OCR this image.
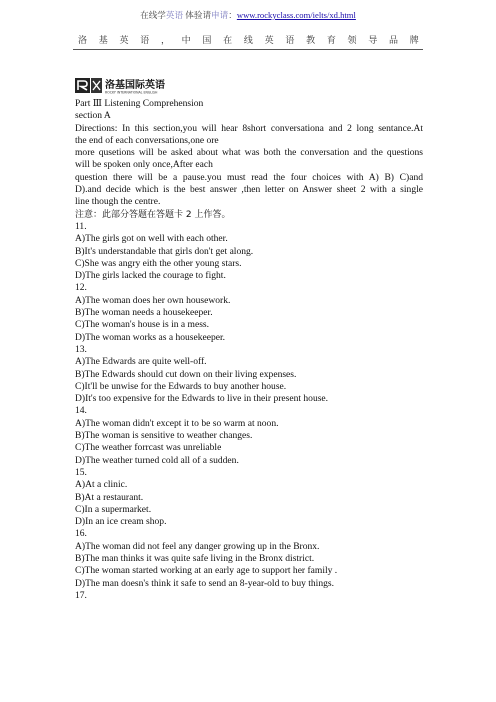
在线学英语 体验请申请：www.rockyclass.com/ielts/xd.html
洛 基 英 语 ， 中 国 在 线 英 语 教 育 领 导 品 牌
洛基国际英语
ROCKY INTERNATIONAL ENGLISH

Part Ⅲ Listening Comprehension

section A

Directions: In this section,you will hear 8short conversationa and 2 long sentance.At

the end of each conversations,one ore

more qusetions will be asked about what was both the conversation and the questions

will be spoken only once,After each

question there will be a pause.you must read the four choices with A) B) C)and

D).and decide which is the best answer ,then letter on Answer sheet 2 with a single

line though the centre.

注意：此部分答题在答题卡 2 上作答。

11.

A)The girls got on well with each other.

B)It's understandable that girls don't get along.

C)She was angry eith the other young stars.

D)The girls lacked the courage to fight.

12.

A)The woman does her own housework.

B)The woman needs a housekeeper.

C)The woman's house is in a mess.

D)The woman works as a housekeeper.

13.

A)The Edwards are quite well-off.

B)The Edwards should cut down on their living expenses.

C)It'll be unwise for the Edwards to buy another house.

D)It's too expensive for the Edwards to live in their present house.

14.

A)The woman didn't except it to be so warm at noon.

B)The woman is sensitive to weather changes.

C)The weather forrcast was unreliable

D)The weather turned cold all of a sudden.

15.

A)At a clinic.

B)At a restaurant.

C)In a supermarket.

D)In an ice cream shop.

16.

A)The woman did not feel any danger growing up in the Bronx.

B)The man thinks it was quite safe living in the Bronx district.

C)The woman started working at an early age to support her family .

D)The man doesn's think it safe to send an 8-year-old to buy things.

17.
